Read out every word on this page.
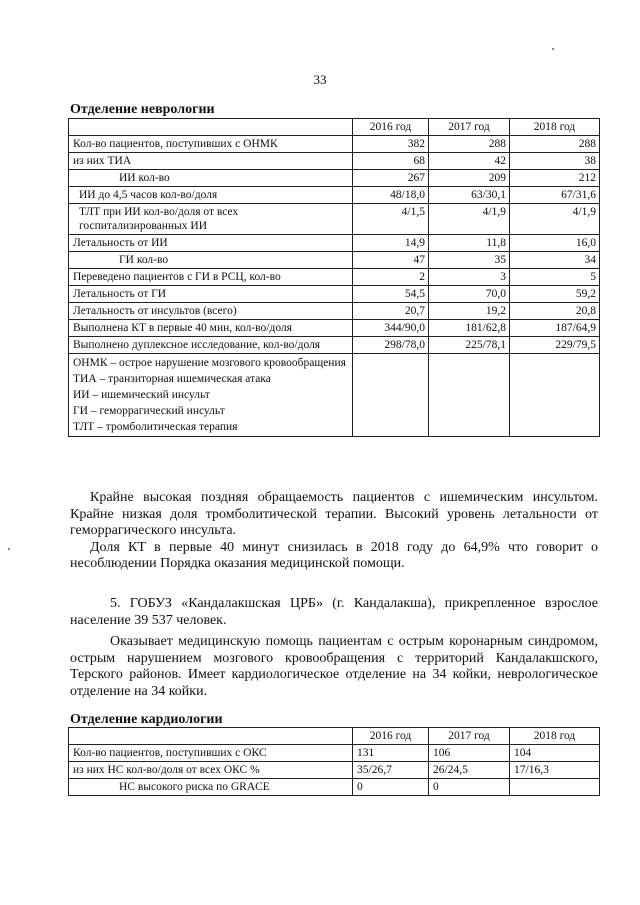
33
Отделение неврологии
	2016 год	2017 год	2018 год
Кол-во пациентов, поступивших с ОНМК	382	288	288
из них ТИА	68	42	38
ИИ кол-во	267	209	212
ИИ до 4,5 часов кол-во/доля	48/18,0	63/30,1	67/31,6
ТЛТ при ИИ кол-во/доля от всех госпитализированных ИИ	4/1,5	4/1,9	4/1,9
Летальность от ИИ	14,9	11,8	16,0
ГИ кол-во	47	35	34
Переведено пациентов с ГИ в РСЦ, кол-во	2	3	5
Летальность от ГИ	54,5	70,0	59,2
Летальность от инсультов (всего)	20,7	19,2	20,8
Выполнена КТ в первые 40 мин, кол-во/доля	344/90,0	181/62,8	187/64,9
Выполнено дуплексное исследование, кол-во/доля	298/78,0	225/78,1	229/79,5

ОНМК – острое нарушение мозгового кровообращения
ТИА – транзиторная ишемическая атака
ИИ – ишемический инсульт
ГИ – геморрагический инсульт
ТЛТ – тромболитическая терапия			

Крайне высокая поздняя обращаемость пациентов с ишемическим инсультом. Крайне низкая доля тромболитической терапии. Высокий уровень летальности от геморрагического инсульта.

Доля КТ в первые 40 минут снизилась в 2018 году до 64,9% что говорит о несоблюдении Порядка оказания медицинской помощи.

5. ГОБУЗ «Кандалакшская ЦРБ» (г. Кандалакша), прикрепленное взрослое население 39 537 человек.

Оказывает медицинскую помощь пациентам с острым коронарным синдромом, острым нарушением мозгового кровообращения с территорий Кандалакшского, Терского районов. Имеет кардиологическое отделение на 34 койки, неврологическое отделение на 34 койки.

Отделение кардиологии
	2016 год	2017 год	2018 год
Кол-во пациентов, поступивших с ОКС	131	106	104
из них НС кол-во/доля от всех ОКС %	35/26,7	26/24,5	17/16,3
НС высокого риска по GRACE	0	0	
